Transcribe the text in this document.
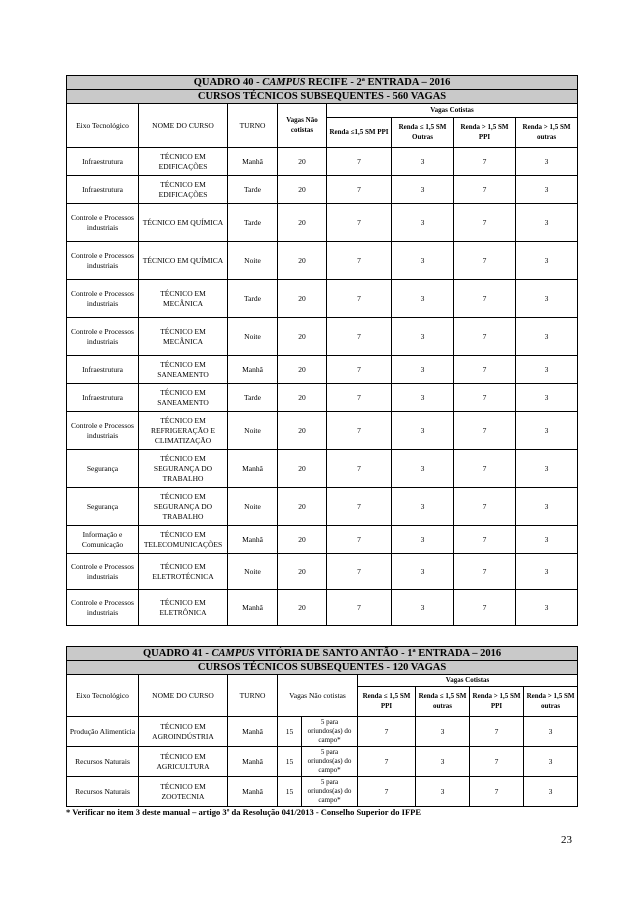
QUADRO 40 - CAMPUS RECIFE - 2ª ENTRADA – 2016							
CURSOS TÉCNICOS SUBSEQUENTES - 560 VAGAS							
Eixo Tecnológico	NOME DO CURSO	TURNO	Vagas Não cotistas	Vagas Cotistas			
				Renda ≤1,5 SM PPI	Renda ≤ 1,5 SM Outras	Renda > 1,5 SM PPI	Renda > 1,5 SM outras
Infraestrutura	TÉCNICO EM EDIFICAÇÕES	Manhã	20	7	3	7	3
Infraestrutura	TÉCNICO EM EDIFICAÇÕES	Tarde	20	7	3	7	3
Controle e Processos industriais	TÉCNICO EM QUÍMICA	Tarde	20	7	3	7	3
Controle e Processos industriais	TÉCNICO EM QUÍMICA	Noite	20	7	3	7	3
Controle e Processos industriais	TÉCNICO EM MECÂNICA	Tarde	20	7	3	7	3
Controle e Processos industriais	TÉCNICO EM MECÂNICA	Noite	20	7	3	7	3
Infraestrutura	TÉCNICO EM SANEAMENTO	Manhã	20	7	3	7	3
Infraestrutura	TÉCNICO EM SANEAMENTO	Tarde	20	7	3	7	3
Controle e Processos industriais	TÉCNICO EM REFRIGERAÇÃO E CLIMATIZAÇÃO	Noite	20	7	3	7	3
Segurança	TÉCNICO EM SEGURANÇA DO TRABALHO	Manhã	20	7	3	7	3
Segurança	TÉCNICO EM SEGURANÇA DO TRABALHO	Noite	20	7	3	7	3
Informação e Comunicação	TÉCNICO EM TELECOMUNICAÇÕES	Manhã	20	7	3	7	3
Controle e Processos industriais	TÉCNICO EM ELETROTÉCNICA	Noite	20	7	3	7	3
Controle e Processos industriais	TÉCNICO EM ELETRÔNICA	Manhã	20	7	3	7	3
QUADRO 41 - CAMPUS VITÓRIA DE SANTO ANTÃO - 1ª ENTRADA – 2016								
CURSOS TÉCNICOS SUBSEQUENTES - 120 VAGAS								
Eixo Tecnológico	NOME DO CURSO	TURNO	Vagas Não cotistas		Vagas Cotistas			
					Renda ≤ 1,5 SM PPI	Renda ≤ 1,5 SM outras	Renda > 1,5 SM PPI	Renda > 1,5 SM outras
Produção Alimentícia	TÉCNICO EM AGROINDÚSTRIA	Manhã	15	5 para oriundos(as) do campo*	7	3	7	3
Recursos Naturais	TÉCNICO EM AGRICULTURA	Manhã	15	5 para oriundos(as) do campo*	7	3	7	3
Recursos Naturais	TÉCNICO EM ZOOTECNIA	Manhã	15	5 para oriundos(as) do campo*	7	3	7	3
* Verificar no item 3 deste manual – artigo 3º da Resolução 041/2013 - Conselho Superior do IFPE
23
